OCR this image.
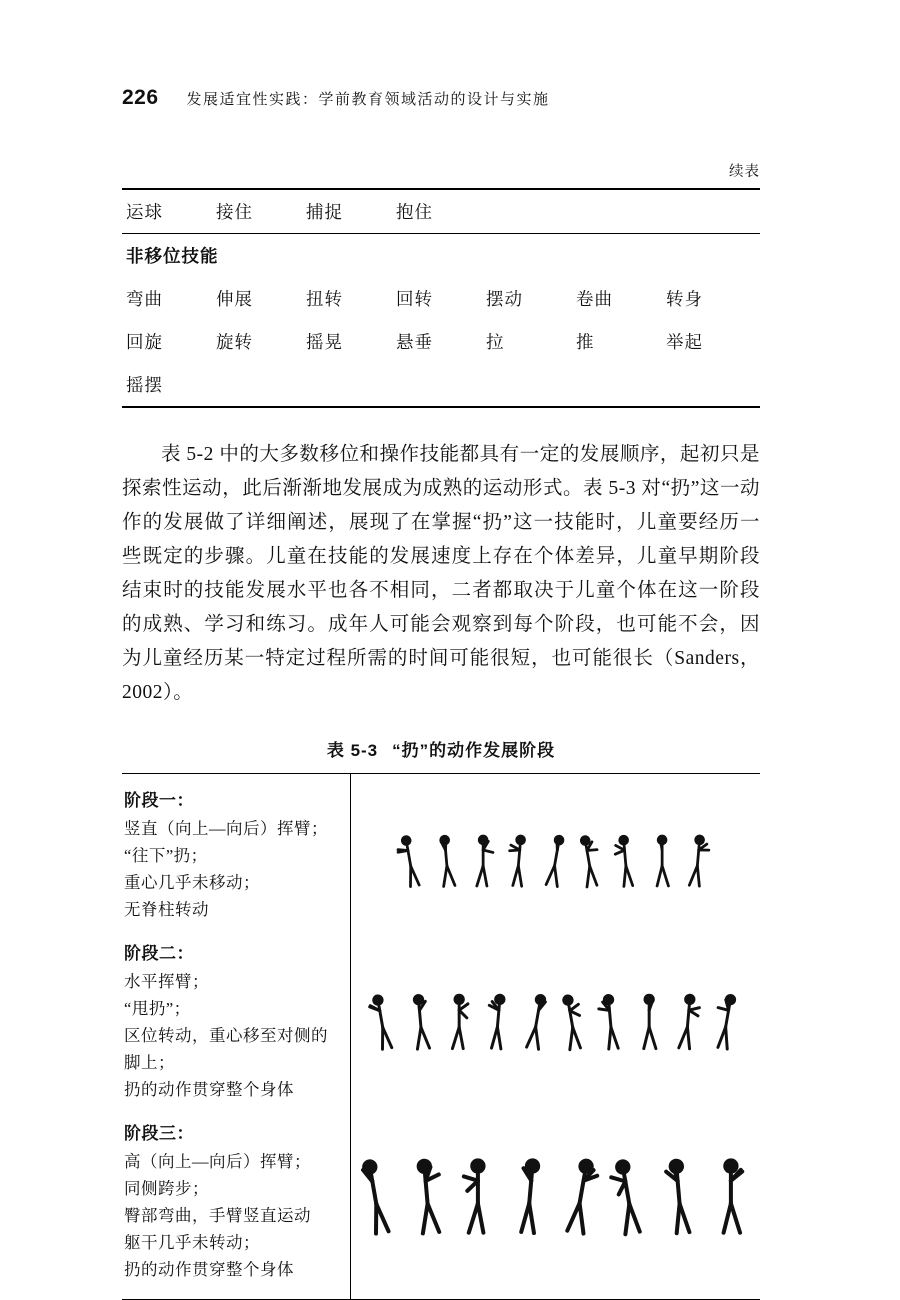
226 发展适宜性实践：学前教育领域活动的设计与实施
续表
运球	接住	捕捉	抱住
非移位技能
弯曲	伸展	扭转	回转	摆动	卷曲	转身
回旋	旋转	摇晃	悬垂	拉	推	举起
摇摆

表 5-2 中的大多数移位和操作技能都具有一定的发展顺序，起初只是探索性运动，此后渐渐地发展成为成熟的运动形式。表 5-3 对“扔”这一动作的发展做了详细阐述，展现了在掌握“扔”这一技能时，儿童要经历一些既定的步骤。儿童在技能的发展速度上存在个体差异，儿童早期阶段结束时的技能发展水平也各不相同，二者都取决于儿童个体在这一阶段的成熟、学习和练习。成年人可能会观察到每个阶段，也可能不会，因为儿童经历某一特定过程所需的时间可能很短，也可能很长（Sanders，2002）。

表 5-3 “扔”的动作发展阶段
阶段一：
竖直（向上—向后）挥臂；
“往下”扔；
重心几乎未移动；
无脊柱转动
阶段二：
水平挥臂；
“甩扔”；
区位转动，重心移至对侧的脚上；
扔的动作贯穿整个身体
阶段三：
高（向上—向后）挥臂；
同侧跨步；
臀部弯曲，手臂竖直运动
躯干几乎未转动；
扔的动作贯穿整个身体
